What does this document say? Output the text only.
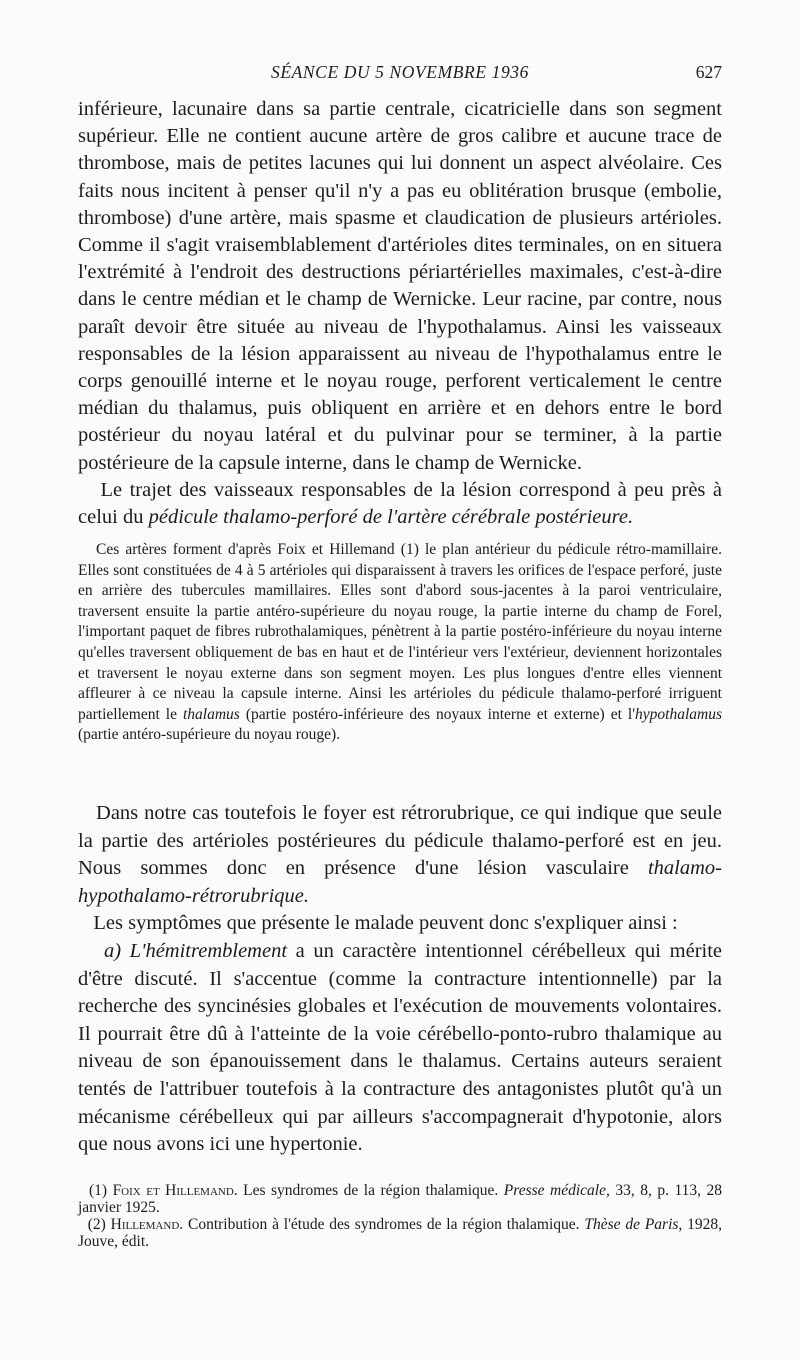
SÉANCE DU 5 NOVEMBRE 1936	627

inférieure, lacunaire dans sa partie centrale, cicatricielle dans son segment supérieur. Elle ne contient aucune artère de gros calibre et aucune trace de thrombose, mais de petites lacunes qui lui donnent un aspect alvéolaire. Ces faits nous incitent à penser qu'il n'y a pas eu oblitération brusque (embolie, thrombose) d'une artère, mais spasme et claudication de plusieurs artérioles. Comme il s'agit vraisemblablement d'artérioles dites terminales, on en situera l'extrémité à l'endroit des destructions périartérielles maximales, c'est-à-dire dans le centre médian et le champ de Wernicke. Leur racine, par contre, nous paraît devoir être située au niveau de l'hypothalamus. Ainsi les vaisseaux responsables de la lésion apparaissent au niveau de l'hypothalamus entre le corps genouillé interne et le noyau rouge, perforent verticalement le centre médian du thalamus, puis obliquent en arrière et en dehors entre le bord postérieur du noyau latéral et du pulvinar pour se terminer, à la partie postérieure de la capsule interne, dans le champ de Wernicke.

Le trajet des vaisseaux responsables de la lésion correspond à peu près à celui du pédicule thalamo-perforé de l'artère cérébrale postérieure.

Ces artères forment d'après Foix et Hillemand (1) le plan antérieur du pédicule rétro-mamillaire. Elles sont constituées de 4 à 5 artérioles qui disparaissent à travers les orifices de l'espace perforé, juste en arrière des tubercules mamillaires. Elles sont d'abord sous-jacentes à la paroi ventriculaire, traversent ensuite la partie antéro-supérieure du noyau rouge, la partie interne du champ de Forel, l'important paquet de fibres rubrothalamiques, pénètrent à la partie postéro-inférieure du noyau interne qu'elles traversent obliquement de bas en haut et de l'intérieur vers l'extérieur, deviennent horizontales et traversent le noyau externe dans son segment moyen. Les plus longues d'entre elles viennent affleurer à ce niveau la capsule interne. Ainsi les artérioles du pédicule thalamo-perforé irriguent partiellement le thalamus (partie postéro-inférieure des noyaux interne et externe) et l'hypothalamus (partie antéro-supérieure du noyau rouge).

Dans notre cas toutefois le foyer est rétrorubrique, ce qui indique que seule la partie des artérioles postérieures du pédicule thalamo-perforé est en jeu. Nous sommes donc en présence d'une lésion vasculaire thalamo-hypothalamo-rétrorubrique.

Les symptômes que présente le malade peuvent donc s'expliquer ainsi :

a) L'hémitremblement a un caractère intentionnel cérébelleux qui mérite d'être discuté. Il s'accentue (comme la contracture intentionnelle) par la recherche des syncinésies globales et l'exécution de mouvements volontaires. Il pourrait être dû à l'atteinte de la voie cérébello-ponto-rubro thalamique au niveau de son épanouissement dans le thalamus. Certains auteurs seraient tentés de l'attribuer toutefois à la contracture des antagonistes plutôt qu'à un mécanisme cérébelleux qui par ailleurs s'accompagnerait d'hypotonie, alors que nous avons ici une hypertonie.

(1) Foix et Hillemand. Les syndromes de la région thalamique. Presse médicale, 33, 8, p. 113, 28 janvier 1925.

(2) Hillemand. Contribution à l'étude des syndromes de la région thalamique. Thèse de Paris, 1928, Jouve, édit.
